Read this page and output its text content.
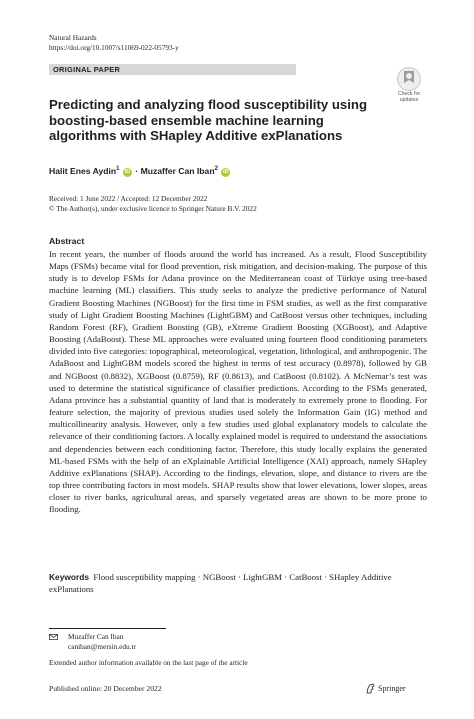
Natural Hazards
https://doi.org/10.1007/s11069-022-05793-y
ORIGINAL PAPER
Check for updates
Predicting and analyzing flood susceptibility using boosting-based ensemble machine learning algorithms with SHapley Additive exPlanations
Halit Enes Aydin$^1$ iD · Muzaffer Can Iban$^2$ iD
Received: 1 June 2022 / Accepted: 12 December 2022
© The Author(s), under exclusive licence to Springer Nature B.V. 2022
Abstract
In recent years, the number of floods around the world has increased. As a result, Flood Susceptibility Maps (FSMs) became vital for flood prevention, risk mitigation, and decision-making. The purpose of this study is to develop FSMs for Adana province on the Mediterranean coast of Türkiye using tree-based machine learning (ML) classifiers. This study seeks to analyze the predictive performance of Natural Gradient Boosting Machines (NGBoost) for the first time in FSM studies, as well as the first comparative study of Light Gradient Boosting Machines (LightGBM) and CatBoost versus other techniques, including Random Forest (RF), Gradient Boosting (GB), eXtreme Gradient Boosting (XGBoost), and Adaptive Boosting (AdaBoost). These ML approaches were evaluated using fourteen flood conditioning parameters divided into five categories: topographical, meteorological, vegetation, lithological, and anthropogenic. The AdaBoost and LightGBM models scored the highest in terms of test accuracy (0.8978), followed by GB and NGBoost (0.8832), XGBoost (0.8759), RF (0.8613), and CatBoost (0.8102). A McNemar’s test was used to determine the statistical significance of classifier predictions. According to the FSMs generated, Adana province has a substantial quantity of land that is moderately to extremely prone to flooding. For feature selection, the majority of previous studies used solely the Information Gain (IG) method and multicollinearity analysis. However, only a few studies used global explanatory models to calculate the relevance of their conditioning factors. A locally explained model is required to understand the associations and dependencies between each conditioning factor. Therefore, this study locally explains the generated ML-based FSMs with the help of an eXplainable Artificial Intelligence (XAI) approach, namely SHapley Additive exPlanations (SHAP). According to the findings, elevation, slope, and distance to rivers are the top three contributing factors in most models. SHAP results show that lower elevations, lower slopes, areas closer to river banks, agricultural areas, and sparsely vegetated areas are shown to be more prone to flooding.
Keywords Flood susceptibility mapping · NGBoost · LightGBM · CatBoost · SHapley Additive exPlanations
Muzaffer Can Iban
caniban@mersin.edu.tr
Extended author information available on the last page of the article
Published online: 20 December 2022	Springer
